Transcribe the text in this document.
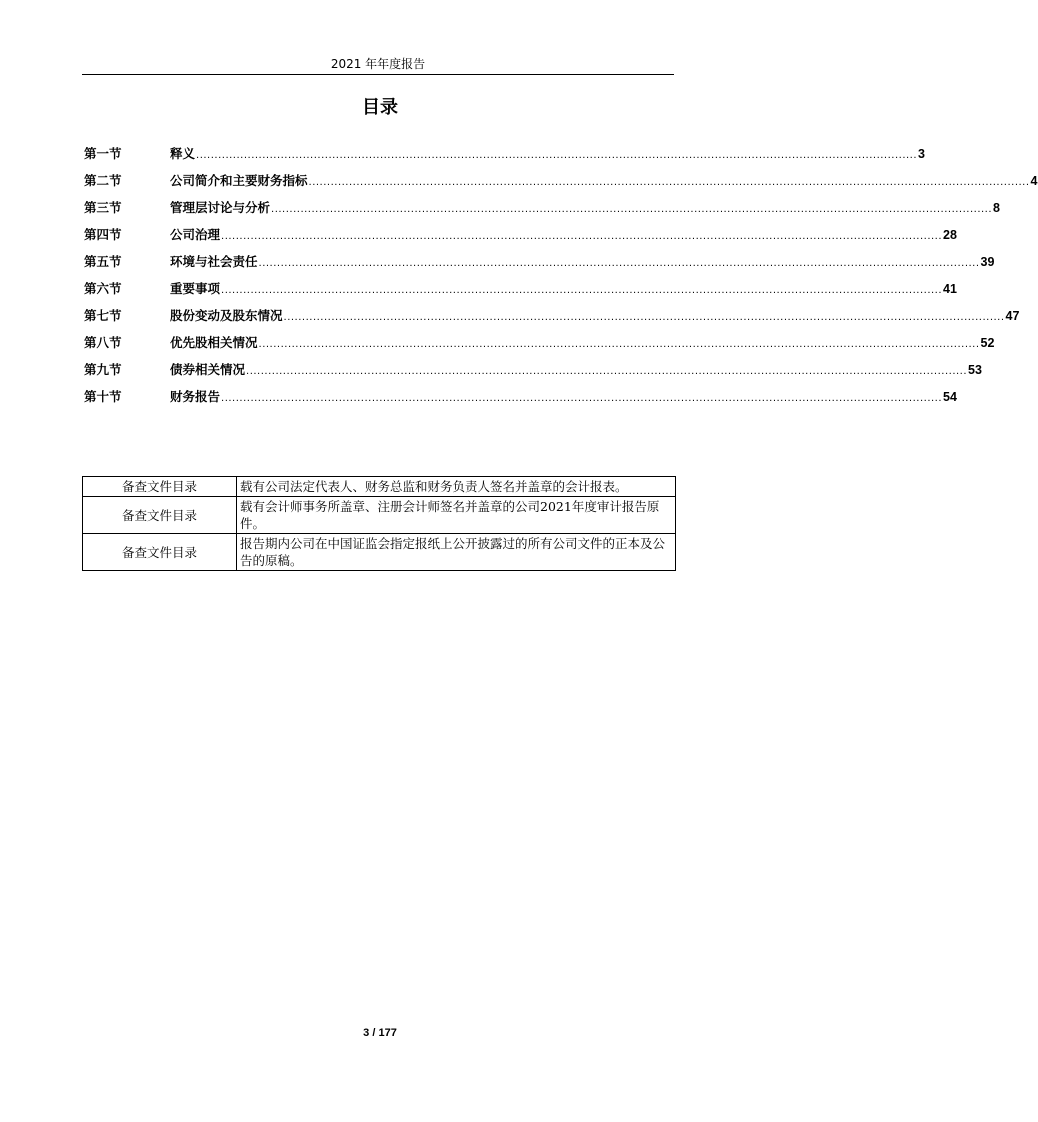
2021 年年度报告
目录
第一节	释义 .................................................................................................................................................................................................... 3
第二节	公司简介和主要财务指标 .................................................................................................................................................................................................... 4
第三节	管理层讨论与分析 .................................................................................................................................................................................................... 8
第四节	公司治理 .................................................................................................................................................................................................... 28
第五节	环境与社会责任 .................................................................................................................................................................................................... 39
第六节	重要事项 .................................................................................................................................................................................................... 41
第七节	股份变动及股东情况 .................................................................................................................................................................................................... 47
第八节	优先股相关情况 .................................................................................................................................................................................................... 52
第九节	债券相关情况 .................................................................................................................................................................................................... 53
第十节	财务报告 .................................................................................................................................................................................................... 54
备查文件目录	载有公司法定代表人、财务总监和财务负责人签名并盖章的会计报表。
备查文件目录	载有会计师事务所盖章、注册会计师签名并盖章的公司2021年度审计报告原件。
备查文件目录	报告期内公司在中国证监会指定报纸上公开披露过的所有公司文件的正本及公告的原稿。
3 / 177
